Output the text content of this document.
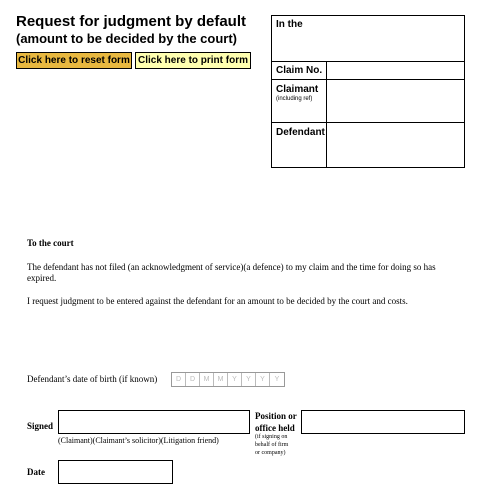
Request for judgment by default
(amount to be decided by the court)
Click here to reset form Click here to print form
In the
Claim No.
Claimant
(including ref)
Defendant
To the court
The defendant has not filed (an acknowledgment of service)(a defence) to my claim and the time for doing so has expired.
I request judgment to be entered against the defendant for an amount to be decided by the court and costs.
Defendant’s date of birth (if known)	D	D	M	M	Y	Y	Y	Y
Signed
(Claimant)(Claimant’s solicitor)(Litigation friend)
Position or
office held
(if signing on
behalf of firm
or company)
Date
